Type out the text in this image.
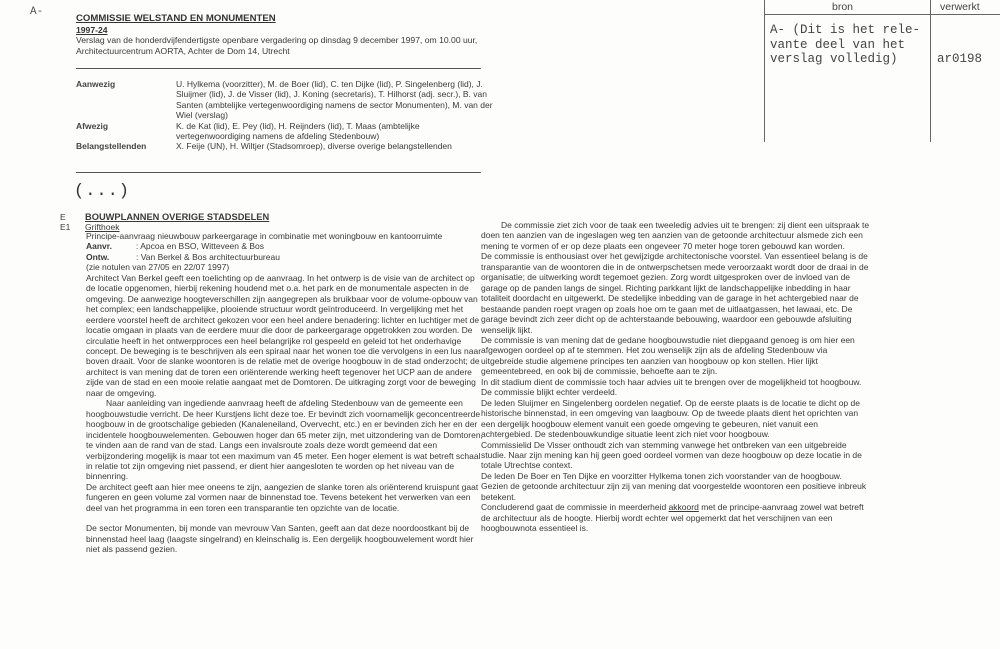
A-
COMMISSIE WELSTAND EN MONUMENTEN
1997-24
Verslag van de honderdvijfendertigste openbare vergadering op dinsdag 9 december 1997, om 10.00 uur, Architectuurcentrum AORTA, Achter de Dom 14, Utrecht
Aanwezig	U. Hylkema (voorzitter), M. de Boer (lid), C. ten Dijke (lid), P. Singelenberg (lid), J. Sluijmer (lid), J. de Visser (lid), J. Koning (secretaris), T. Hilhorst (adj. secr.), B. van Santen (ambtelijke vertegenwoordiging namens de sector Monumenten), M. van der Wiel (verslag)
Afwezig	K. de Kat (lid), E. Pey (lid), H. Reijnders (lid), T. Maas (ambtelijke vertegenwoordiging namens de afdeling Stedenbouw)
Belangstellenden	X. Feije (UN), H. Wiltjer (Stadsomroep), diverse overige belangstellenden
(...)
E	BOUWPLANNEN OVERIGE STADSDELEN
E1	Grifthoek

Principe-aanvraag nieuwbouw parkeergarage in combinatie met woningbouw en kantoorruimte

Aanvr.	: Apcoa en BSO, Witteveen & Bos
Ontw.	: Van Berkel & Bos architectuurbureau

(zie notulen van 27/05 en 22/07 1997)

Architect Van Berkel geeft een toelichting op de aanvraag. In het ontwerp is de visie van de architect op de locatie opgenomen, hierbij rekening houdend met o.a. het park en de monumentale aspecten in de omgeving. De aanwezige hoogteverschillen zijn aangegrepen als bruikbaar voor de volume-opbouw van het complex; een landschappelijke, plooiende structuur wordt geïntroduceerd. In vergelijking met het eerdere voorstel heeft de architect gekozen voor een heel andere benadering: lichter en luchtiger met de locatie omgaan in plaats van de eerdere muur die door de parkeergarage opgetrokken zou worden. De circulatie heeft in het ontwerpproces een heel belangrijke rol gespeeld en geleid tot het onderhavige concept. De beweging is te beschrijven als een spiraal naar het wonen toe die vervolgens in een lus naar boven draait. Voor de slanke woontoren is de relatie met de overige hoogbouw in de stad onderzocht; de architect is van mening dat de toren een oriënterende werking heeft tegenover het UCP aan de andere zijde van de stad en een mooie relatie aangaat met de Domtoren. De uitkraging zorgt voor de beweging naar de omgeving.

Naar aanleiding van ingediende aanvraag heeft de afdeling Stedenbouw van de gemeente een hoogbouwstudie verricht. De heer Kurstjens licht deze toe. Er bevindt zich voornamelijk geconcentreerde hoogbouw in de grootschalige gebieden (Kanaleneiland, Overvecht, etc.) en er bevinden zich her en der incidentele hoogbouwelementen. Gebouwen hoger dan 65 meter zijn, met uitzondering van de Domtoren, te vinden aan de rand van de stad. Langs een invalsroute zoals deze wordt gemeend dat een verbijzondering mogelijk is maar tot een maximum van 45 meter. Een hoger element is wat betreft schaal in relatie tot zijn omgeving niet passend, er dient hier aangesloten te worden op het niveau van de binnenring.

De architect geeft aan hier mee oneens te zijn, aangezien de slanke toren als oriënterend kruispunt gaat fungeren en geen volume zal vormen naar de binnenstad toe. Tevens betekent het verwerken van een deel van het programma in een toren een transparantie ten opzichte van de locatie.

De sector Monumenten, bij monde van mevrouw Van Santen, geeft aan dat deze noordoostkant bij de binnenstad heel laag (laagste singelrand) en kleinschalig is. Een dergelijk hoogbouwelement wordt hier niet als passend gezien.

De commissie ziet zich voor de taak een tweeledig advies uit te brengen: zij dient een uitspraak te doen ten aanzien van de ingeslagen weg ten aanzien van de getoonde architectuur alsmede zich een mening te vormen of er op deze plaats een ongeveer 70 meter hoge toren gebouwd kan worden.

De commissie is enthousiast over het gewijzigde architectonische voorstel. Van essentieel belang is de transparantie van de woontoren die in de ontwerpschetsen mede veroorzaakt wordt door de draai in de organisatie; de uitwerking wordt tegemoet gezien. Zorg wordt uitgesproken over de invloed van de garage op de panden langs de singel. Richting parkkant lijkt de landschappelijke inbedding in haar totaliteit doordacht en uitgewerkt. De stedelijke inbedding van de garage in het achtergebied naar de bestaande panden roept vragen op zoals hoe om te gaan met de uitlaatgassen, het lawaai, etc. De garage bevindt zich zeer dicht op de achterstaande bebouwing, waardoor een gebouwde afsluiting wenselijk lijkt.

De commissie is van mening dat de gedane hoogbouwstudie niet diepgaand genoeg is om hier een afgewogen oordeel op af te stemmen. Het zou wenselijk zijn als de afdeling Stedenbouw via uitgebreide studie algemene principes ten aanzien van hoogbouw op kon stellen. Hier lijkt gemeentebreed, en ook bij de commissie, behoefte aan te zijn.

In dit stadium dient de commissie toch haar advies uit te brengen over de mogelijkheid tot hoogbouw. De commissie blijkt echter verdeeld.

De leden Sluijmer en Singelenberg oordelen negatief. Op de eerste plaats is de locatie te dicht op de historische binnenstad, in een omgeving van laagbouw. Op de tweede plaats dient het oprichten van een dergelijk hoogbouw element vanuit een goede omgeving te gebeuren, niet vanuit een achtergebied. De stedenbouwkundige situatie leent zich niet voor hoogbouw.

Commissielid De Visser onthoudt zich van stemming vanwege het ontbreken van een uitgebreide studie. Naar zijn mening kan hij geen goed oordeel vormen van deze hoogbouw op deze locatie in de totale Utrechtse context.

De leden De Boer en Ten Dijke en voorzitter Hylkema tonen zich voorstander van de hoogbouw. Gezien de getoonde architectuur zijn zij van mening dat voorgestelde woontoren een positieve inbreuk betekent.

Concluderend gaat de commissie in meerderheid akkoord met de principe-aanvraag zowel wat betreft de architectuur als de hoogte. Hierbij wordt echter wel opgemerkt dat het verschijnen van een hoogbouwnota essentieel is.

bron	verwerkt
A- (Dit is het rele-
vante deel van het
verslag volledig)	ar0198
